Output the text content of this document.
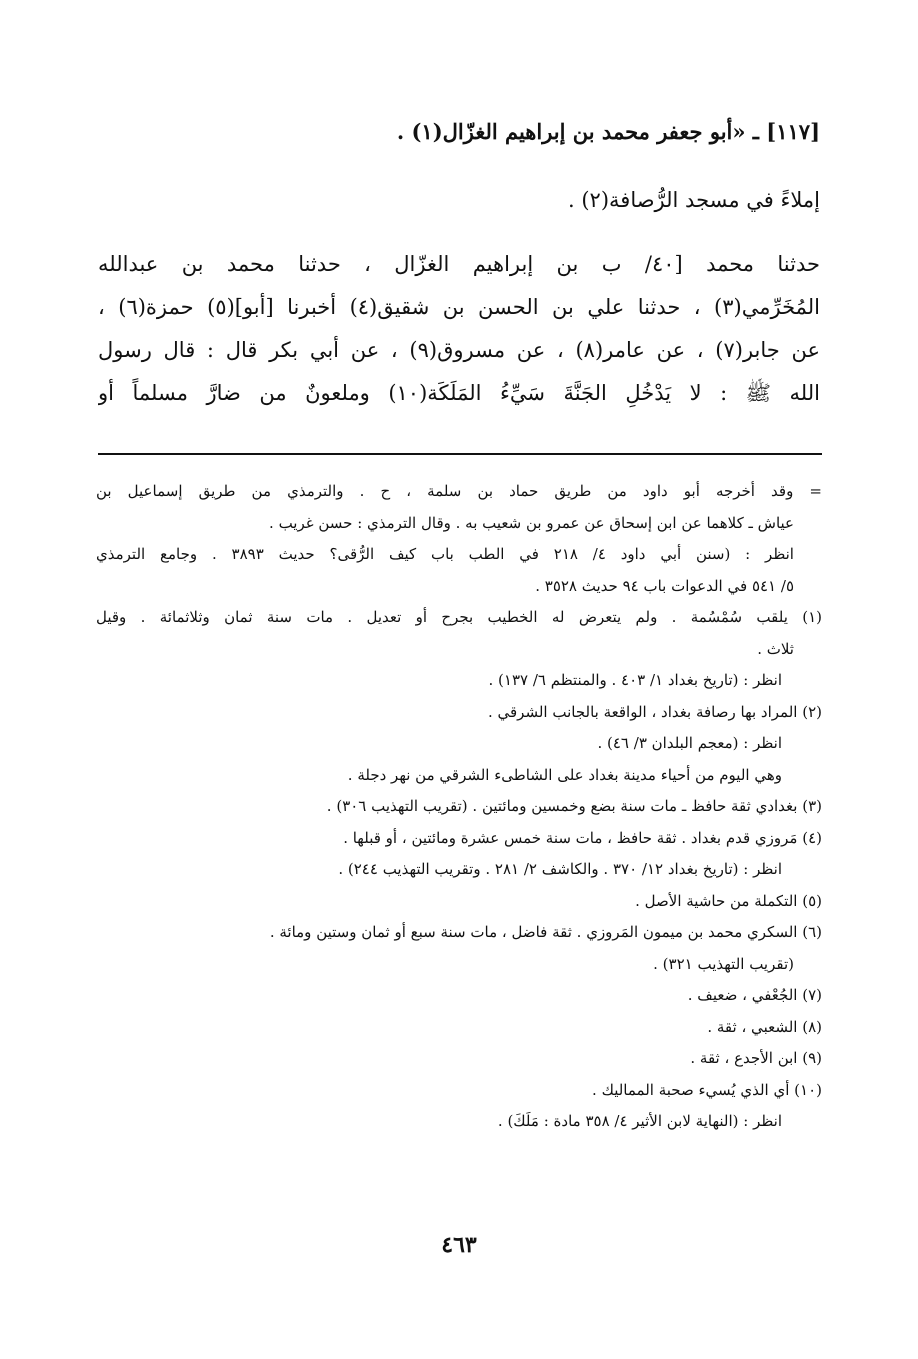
[١١٧] ـ «أبو جعفر محمد بن إبراهيم الغزّال(١) .
إملاءً في مسجد الرُّصافة(٢) .
حدثنا محمد [٤٠/ ب بن إبراهيم الغزّال ، حدثنا محمد بن عبدالله
المُخَرِّمي(٣) ، حدثنا علي بن الحسن بن شقيق(٤) أخبرنا [أبو](٥) حمزة(٦) ،
عن جابر(٧) ، عن عامر(٨) ، عن مسروق(٩) ، عن أبي بكر قال : قال رسول
الله ﷺ : لا يَدْخُلِ الجَنَّةَ سَيِّءُ المَلَكَة(١٠) وملعونٌ من ضارَّ مسلماً أو
= وقد أخرجه أبو داود من طريق حماد بن سلمة ، ح . والترمذي من طريق إسماعيل بن
عياش ـ كلاهما عن ابن إسحاق عن عمرو بن شعيب به . وقال الترمذي : حسن غريب .
انظر : (سنن أبي داود ٤/ ٢١٨ في الطب باب كيف الرُّقى؟ حديث ٣٨٩٣ . وجامع الترمذي
٥/ ٥٤١ في الدعوات باب ٩٤ حديث ٣٥٢٨ .
(١) يلقب سُمْسُمة . ولم يتعرض له الخطيب بجرح أو تعديل . مات سنة ثمان وثلاثمائة . وقيل
ثلاث .
انظر : (تاريخ بغداد ١/ ٤٠٣ . والمنتظم ٦/ ١٣٧) .
(٢) المراد بها رصافة بغداد ، الواقعة بالجانب الشرقي .
انظر : (معجم البلدان ٣/ ٤٦) .
وهي اليوم من أحياء مدينة بغداد على الشاطىء الشرقي من نهر دجلة .
(٣) بغدادي ثقة حافظ ـ مات سنة بضع وخمسين ومائتين . (تقريب التهذيب ٣٠٦) .
(٤) مَروزي قدم بغداد . ثقة حافظ ، مات سنة خمس عشرة ومائتين ، أو قبلها .
انظر : (تاريخ بغداد ١٢/ ٣٧٠ . والكاشف ٢/ ٢٨١ . وتقريب التهذيب ٢٤٤) .
(٥) التكملة من حاشية الأصل .
(٦) السكري محمد بن ميمون المَروزي . ثقة فاضل ، مات سنة سبع أو ثمان وستين ومائة .
(تقريب التهذيب ٣٢١) .
(٧) الجُعْفي ، ضعيف .
(٨) الشعبي ، ثقة .
(٩) ابن الأجدع ، ثقة .
(١٠) أي الذي يُسيء صحبة المماليك .
انظر : (النهاية لابن الأثير ٤/ ٣٥٨ مادة : مَلَكَ) .
٤٦٣
